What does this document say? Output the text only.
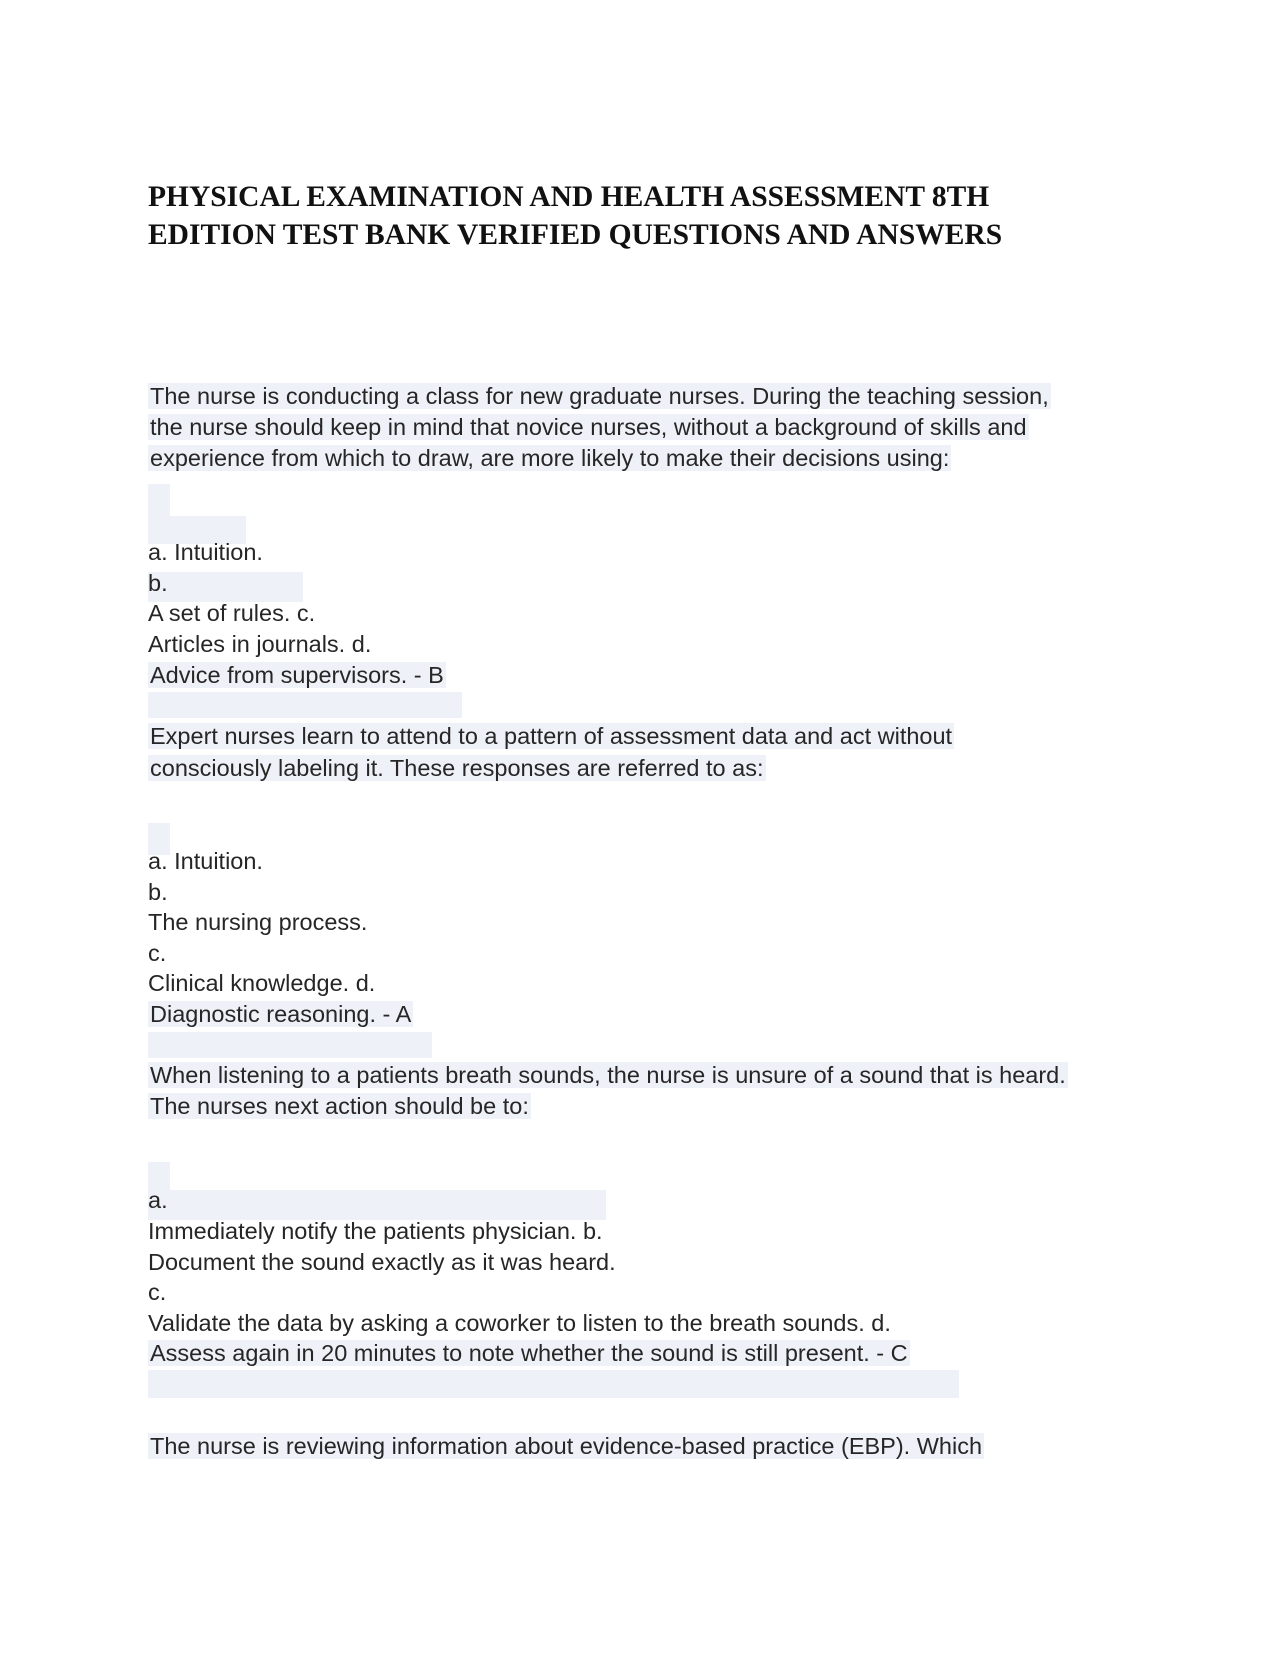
PHYSICAL EXAMINATION AND HEALTH ASSESSMENT 8TH
EDITION TEST BANK VERIFIED QUESTIONS AND ANSWERS
The nurse is conducting a class for new graduate nurses. During the teaching session,
the nurse should keep in mind that novice nurses, without a background of skills and
experience from which to draw, are more likely to make their decisions using:
a. Intuition.
b.
A set of rules. c.
Articles in journals. d.
Advice from supervisors. - B
Expert nurses learn to attend to a pattern of assessment data and act without
consciously labeling it. These responses are referred to as:
a. Intuition.
b.
The nursing process.
c.
Clinical knowledge. d.
Diagnostic reasoning. - A
When listening to a patients breath sounds, the nurse is unsure of a sound that is heard.
The nurses next action should be to:
a.
Immediately notify the patients physician. b.
Document the sound exactly as it was heard.
c.
Validate the data by asking a coworker to listen to the breath sounds. d.
Assess again in 20 minutes to note whether the sound is still present. - C
The nurse is reviewing information about evidence-based practice (EBP). Which
